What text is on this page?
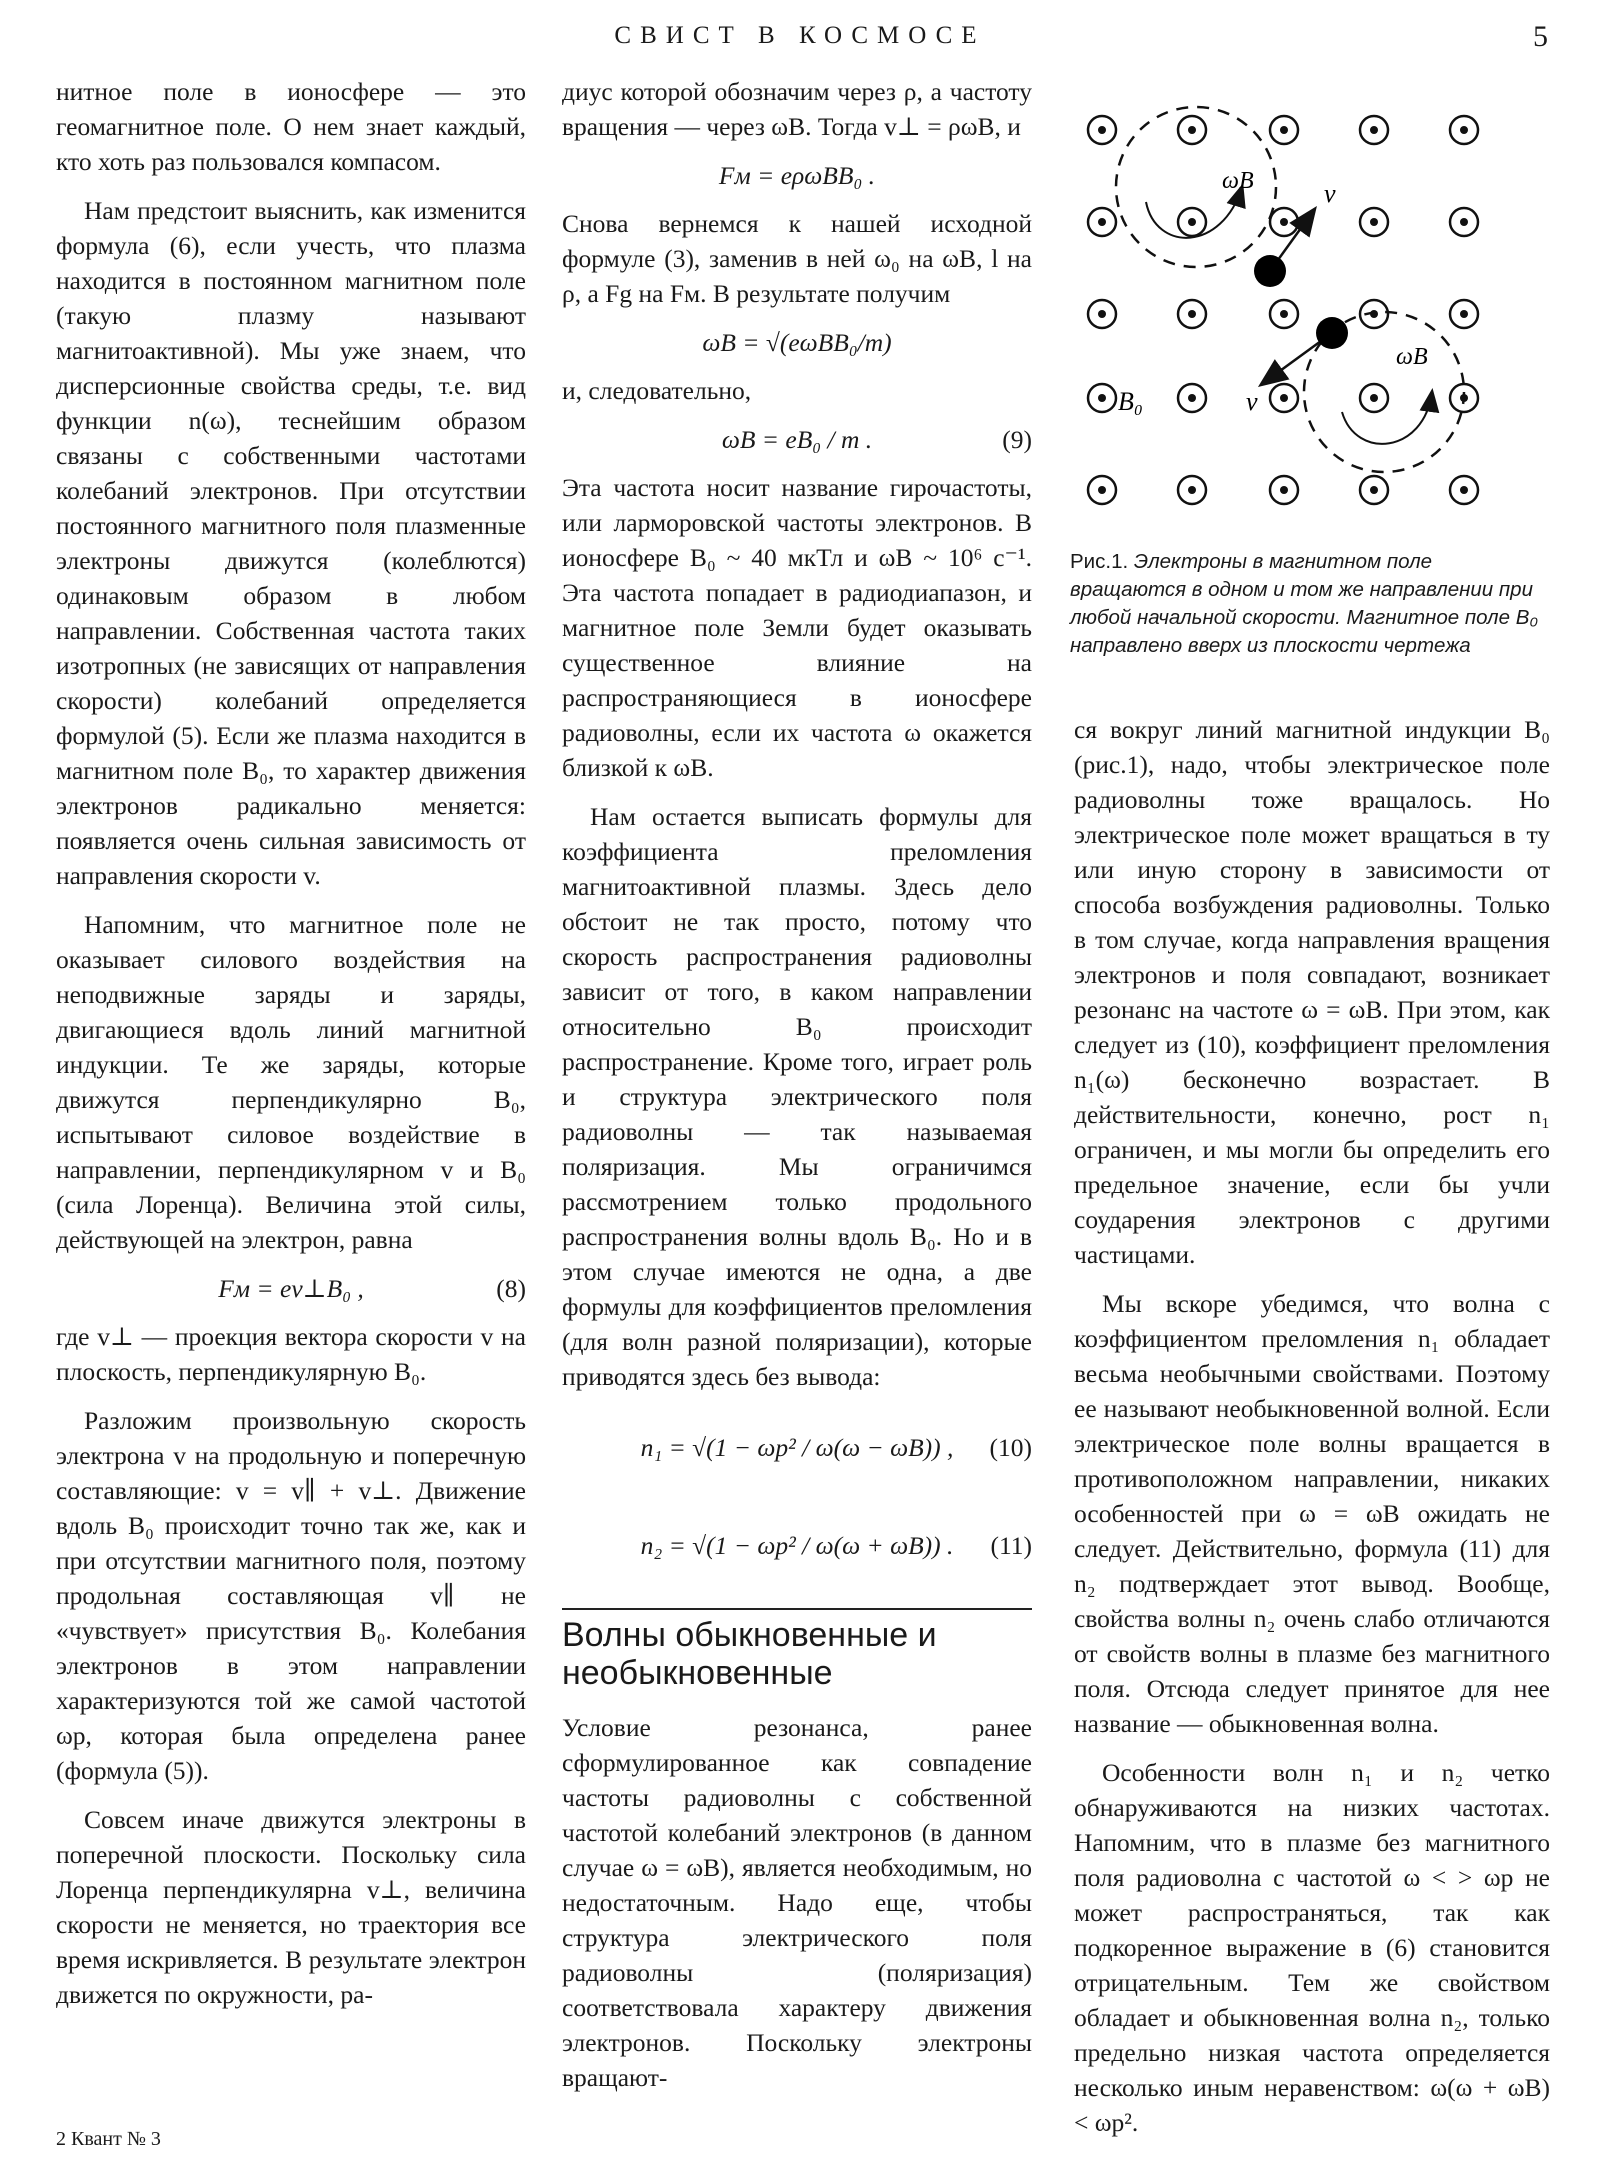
СВИСТ В КОСМОСЕ	5

нитное поле в ионосфере — это геомагнитное поле. О нем знает каждый, кто хоть раз пользовался компасом.

Нам предстоит выяснить, как изменится формула (6), если учесть, что плазма находится в постоянном магнитном поле (такую плазму называют магнитоактивной). Мы уже знаем, что дисперсионные свойства среды, т.е. вид функции n(ω), теснейшим образом связаны с собственными частотами колебаний электронов. При отсутствии постоянного магнитного поля плазменные электроны движутся (колеблются) одинаковым образом в любом направлении. Собственная частота таких изотропных (не зависящих от направления скорости) колебаний определяется формулой (5). Если же плазма находится в магнитном поле B₀, то характер движения электронов радикально меняется: появляется очень сильная зависимость от направления скорости v.

Напомним, что магнитное поле не оказывает силового воздействия на неподвижные заряды и заряды, двигающиеся вдоль линий магнитной индукции. Те же заряды, которые движутся перпендикулярно B₀, испытывают силовое воздействие в направлении, перпендикулярном v и B₀ (сила Лоренца). Величина этой силы, действующей на электрон, равна

Fм = ev⊥B₀ ,	(8)

где v⊥ — проекция вектора скорости v на плоскость, перпендикулярную B₀.

Разложим произвольную скорость электрона v на продольную и поперечную составляющие: v = v∥ + v⊥. Движение вдоль B₀ происходит точно так же, как и при отсутствии магнитного поля, поэтому продольная составляющая v∥ не «чувствует» присутствия B₀. Колебания электронов в этом направлении характеризуются той же самой частотой ωp, которая была определена ранее (формула (5)).

Совсем иначе движутся электроны в поперечной плоскости. Поскольку сила Лоренца перпендикулярна v⊥, величина скорости не меняется, но траектория все время искривляется. В результате электрон движется по окружности, ра-

диус которой обозначим через ρ, а частоту вращения — через ωB. Тогда v⊥ = ρωB, и

Fм = eρωBB₀ .

Снова вернемся к нашей исходной формуле (3), заменив в ней ω₀ на ωB, l на ρ, а Fg на Fм. В результате получим

ωB = √(eωBB₀/m)

и, следовательно,

ωB = eB₀ / m .	(9)

Эта частота носит название гирочастоты, или ларморовской частоты электронов. В ионосфере B₀ ~ 40 мкТл и ωB ~ 10⁶ с⁻¹. Эта частота попадает в радиодиапазон, и магнитное поле Земли будет оказывать существенное влияние на распространяющиеся в ионосфере радиоволны, если их частота ω окажется близкой к ωB.

Нам остается выписать формулы для коэффициента преломления магнитоактивной плазмы. Здесь дело обстоит не так просто, потому что скорость распространения радиоволны зависит от того, в каком направлении относительно B₀ происходит распространение. Кроме того, играет роль и структура электрического поля радиоволны — так называемая поляризация. Мы ограничимся рассмотрением только продольного распространения волны вдоль B₀. Но и в этом случае имеются не одна, а две формулы для коэффициентов преломления (для волн разной поляризации), которые приводятся здесь без вывода:

n₁ = √(1 − ωp² / ω(ω − ωB)) , (10)
n₂ = √(1 − ωp² / ω(ω + ωB)) . (11)
Волны обыкновенные и необыкновенные

Условие резонанса, ранее сформулированное как совпадение частоты радиоволны с собственной частотой колебаний электронов (в данном случае ω = ωB), является необходимым, но недостаточным. Надо еще, чтобы структура электрического поля радиоволны (поляризация) соответствовала характеру движения электронов. Поскольку электроны вращают-

ωB	v
ωB
v
B₀
Рис.1. Электроны в магнитном поле вращаются в одном и том же направлении при любой начальной скорости. Магнитное поле B₀ направлено вверх из плоскости чертежа

ся вокруг линий магнитной индукции B₀ (рис.1), надо, чтобы электрическое поле радиоволны тоже вращалось. Но электрическое поле может вращаться в ту или иную сторону в зависимости от способа возбуждения радиоволны. Только в том случае, когда направления вращения электронов и поля совпадают, возникает резонанс на частоте ω = ωB. При этом, как следует из (10), коэффициент преломления n₁(ω) бесконечно возрастает. В действительности, конечно, рост n₁ ограничен, и мы могли бы определить его предельное значение, если бы учли соударения электронов с другими частицами.

Мы вскоре убедимся, что волна с коэффициентом преломления n₁ обладает весьма необычными свойствами. Поэтому ее называют необыкновенной волной. Если электрическое поле волны вращается в противоположном направлении, никаких особенностей при ω = ωB ожидать не следует. Действительно, формула (11) для n₂ подтверждает этот вывод. Вообще, свойства волны n₂ очень слабо отличаются от свойств волны в плазме без магнитного поля. Отсюда следует принятое для нее название — обыкновенная волна.

Особенности волн n₁ и n₂ четко обнаруживаются на низких частотах. Напомним, что в плазме без магнитного поля радиоволна с частотой ω < > ωp не может распространяться, так как подкоренное выражение в (6) становится отрицательным. Тем же свойством обладает и обыкновенная волна n₂, только предельно низкая частота определяется несколько иным неравенством: ω(ω + ωB) < ωp².

2 Квант № 3
